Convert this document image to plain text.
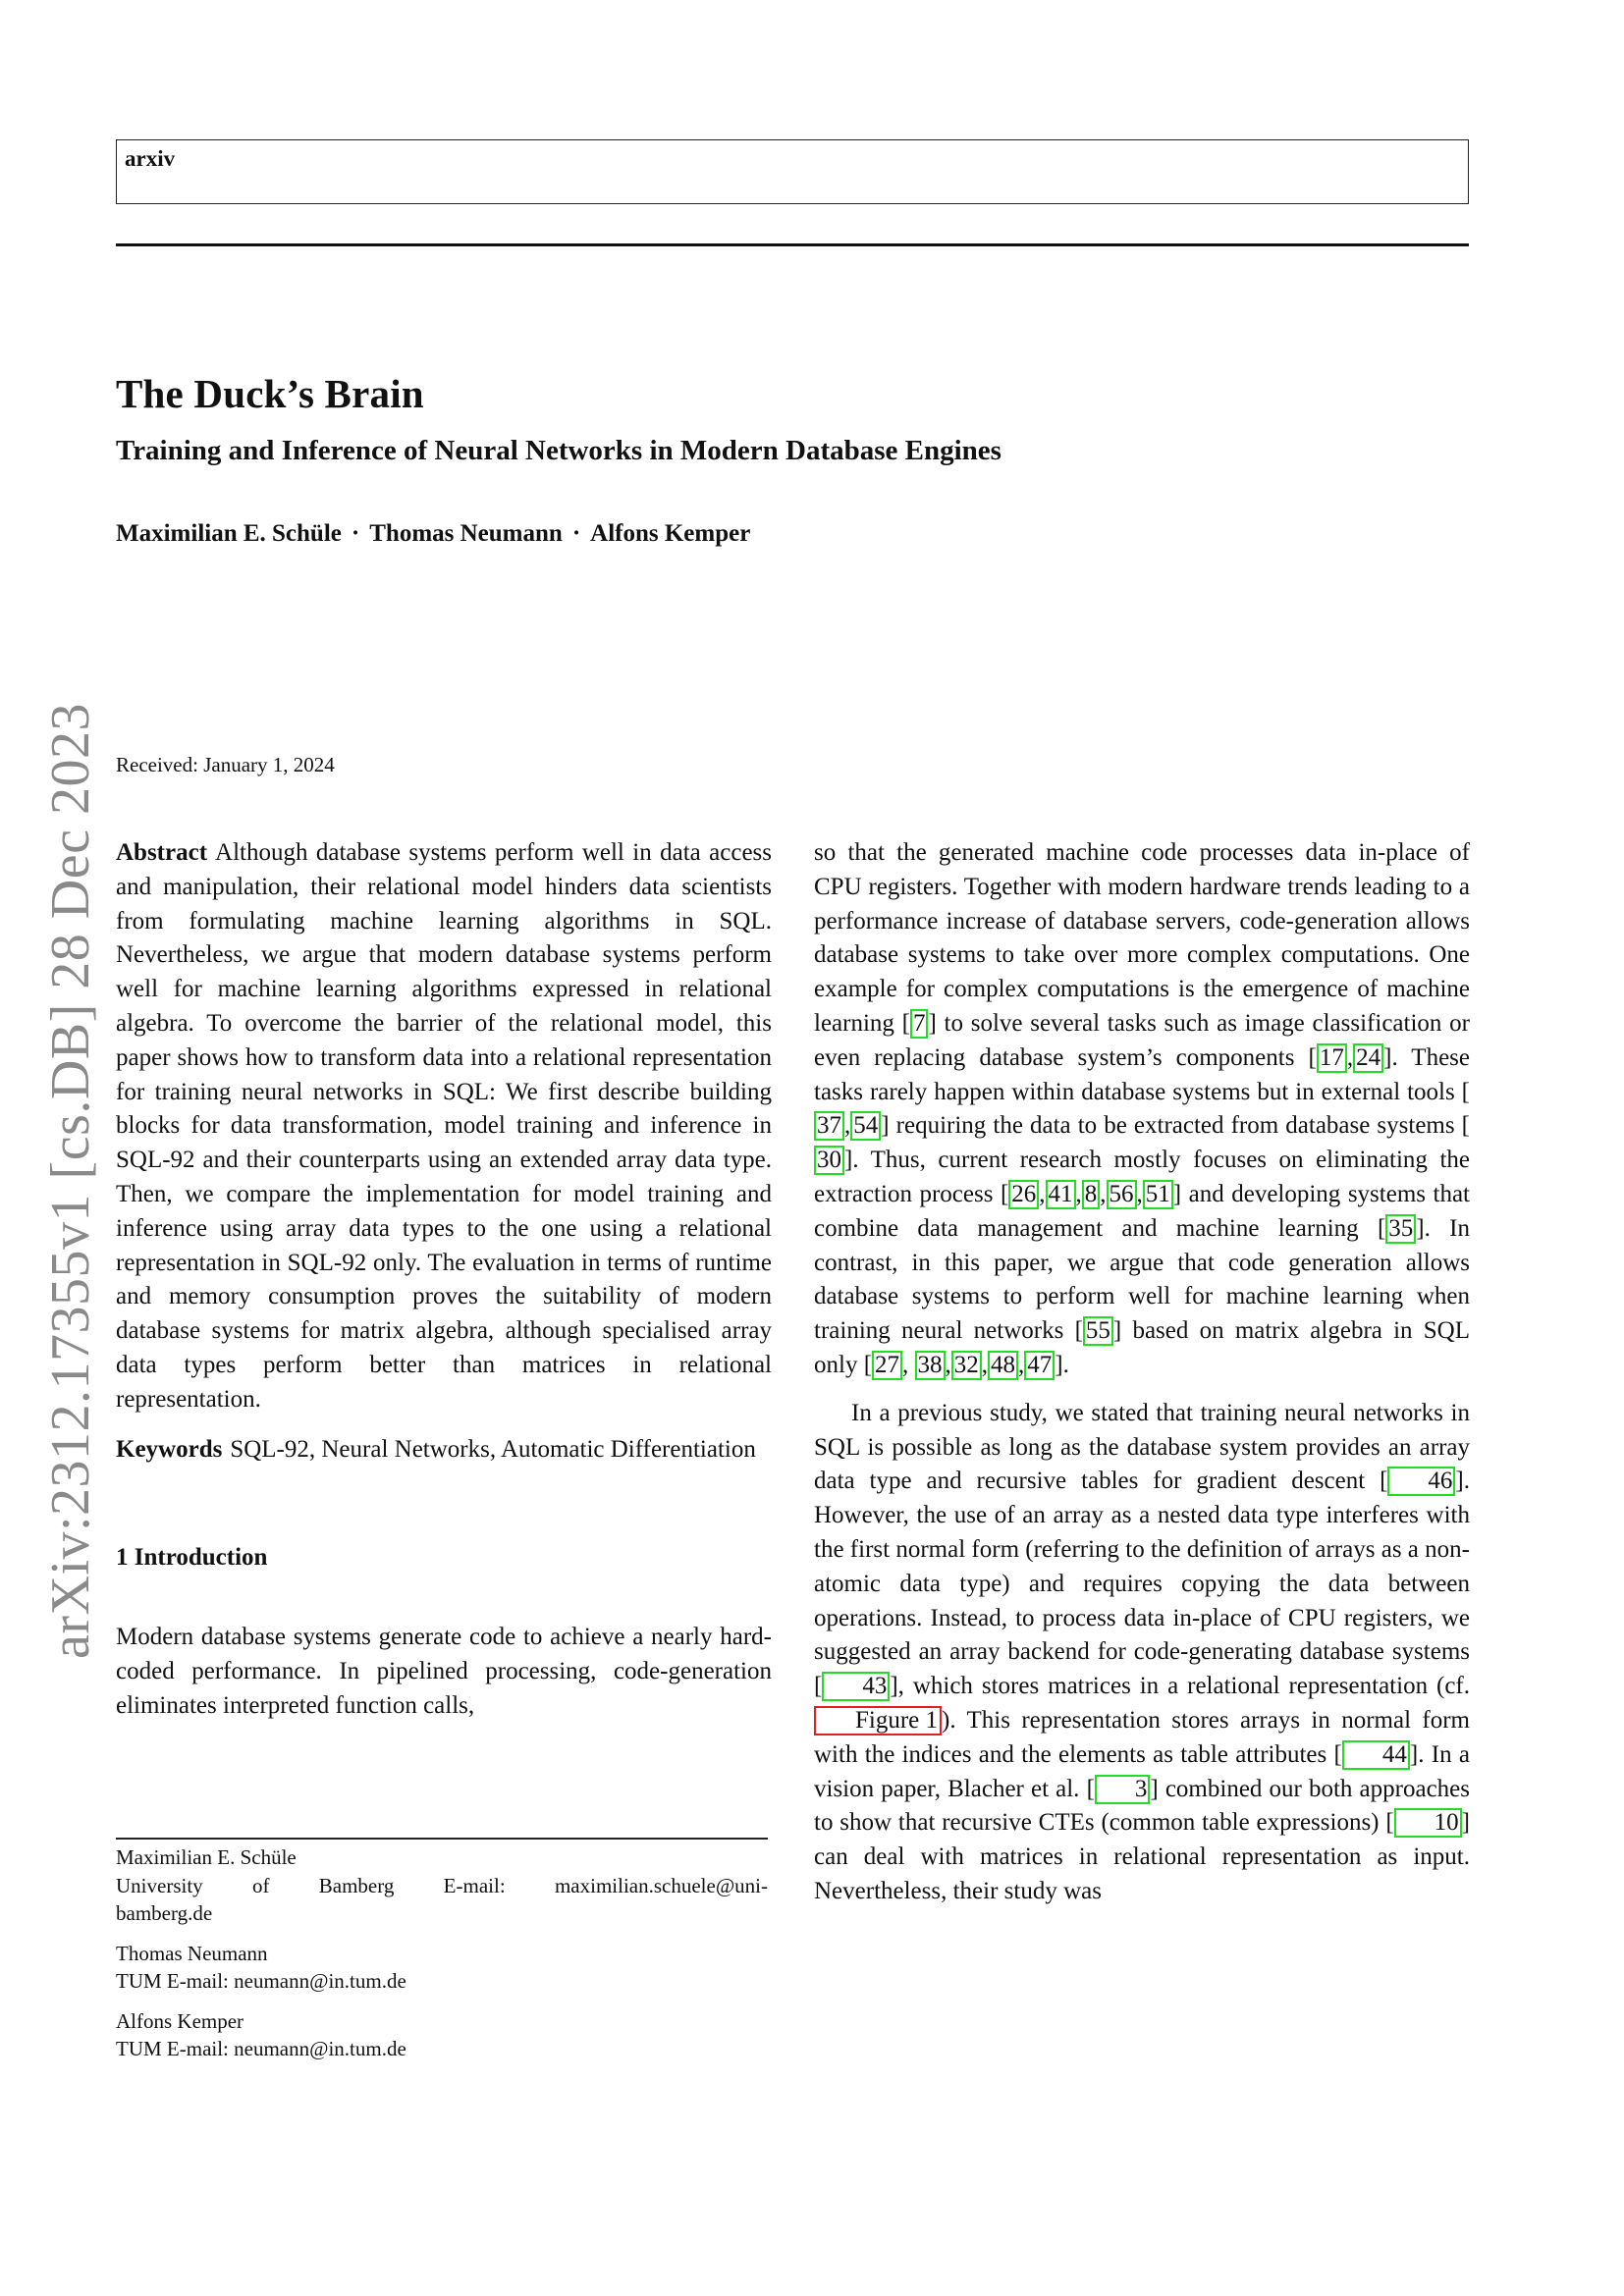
arxiv
The Duck’s Brain
Training and Inference of Neural Networks in Modern Database Engines
Maximilian E. Schüle · Thomas Neumann · Alfons Kemper
arXiv:2312.17355v1 [cs.DB] 28 Dec 2023 Received: January 1, 2024

Abstract Although database systems perform well in data access and manipulation, their relational model hinders data scientists from formulating machine learning algorithms in SQL. Nevertheless, we argue that modern database systems perform well for machine learning algorithms expressed in relational algebra. To overcome the barrier of the relational model, this paper shows how to transform data into a relational representation for training neural networks in SQL: We first describe building blocks for data transformation, model training and inference in SQL-92 and their counterparts using an extended array data type. Then, we compare the implementation for model training and inference using array data types to the one using a relational representation in SQL-92 only. The evaluation in terms of runtime and memory consumption proves the suitability of modern database systems for matrix algebra, although specialised array data types perform better than matrices in relational representation.

Keywords SQL-92, Neural Networks, Automatic Differentiation

1 Introduction

Modern database systems generate code to achieve a nearly hard-coded performance. In pipelined processing, code-generation eliminates interpreted function calls,

so that the generated machine code processes data in-place of CPU registers. Together with modern hardware trends leading to a performance increase of database servers, code-generation allows database systems to take over more complex computations. One example for complex computations is the emergence of machine learning [ 7 ] to solve several tasks such as image classification or even replacing database system’s components [ 17 , 24 ]. These tasks rarely happen within database systems but in external tools [37 , 54 ] requiring the data to be extracted from database systems [30 ]. Thus, current research mostly focuses on eliminating the extraction process [ 26 , 41 , 8 , 56 , 51 ] and developing systems that combine data management and machine learning [ 35 ]. In contrast, in this paper, we argue that code generation allows database systems to perform well for machine learning when training neural networks [ 55 ] based on matrix algebra in SQL only [ 27 , 38 , 32 , 48 , 47 ].

In a previous study, we stated that training neural networks in SQL is possible as long as the database system provides an array data type and recursive tables for gradient descent [ 46 ]. However, the use of an array as a nested data type interferes with the first normal form (referring to the definition of arrays as a non-atomic data type) and requires copying the data between operations. Instead, to process data in-place of CPU registers, we suggested an array backend for code-generating database systems [ 43 ], which stores matrices in a relational representation (cf. Figure 1 ). This representation stores arrays in normal form with the indices and the elements as table attributes [ 44 ]. In a vision paper, Blacher et al. [ 3 ] combined our both approaches to show that recursive CTEs (common table expressions) [ 10 ] can deal with matrices in relational representation as input. Nevertheless, their study was

Maximilian E. Schüle
University of Bamberg E-mail: maximilian.schuele@uni-
bamberg.de
Thomas Neumann
TUM E-mail: neumann@in.tum.de
Alfons Kemper
TUM E-mail: neumann@in.tum.de
